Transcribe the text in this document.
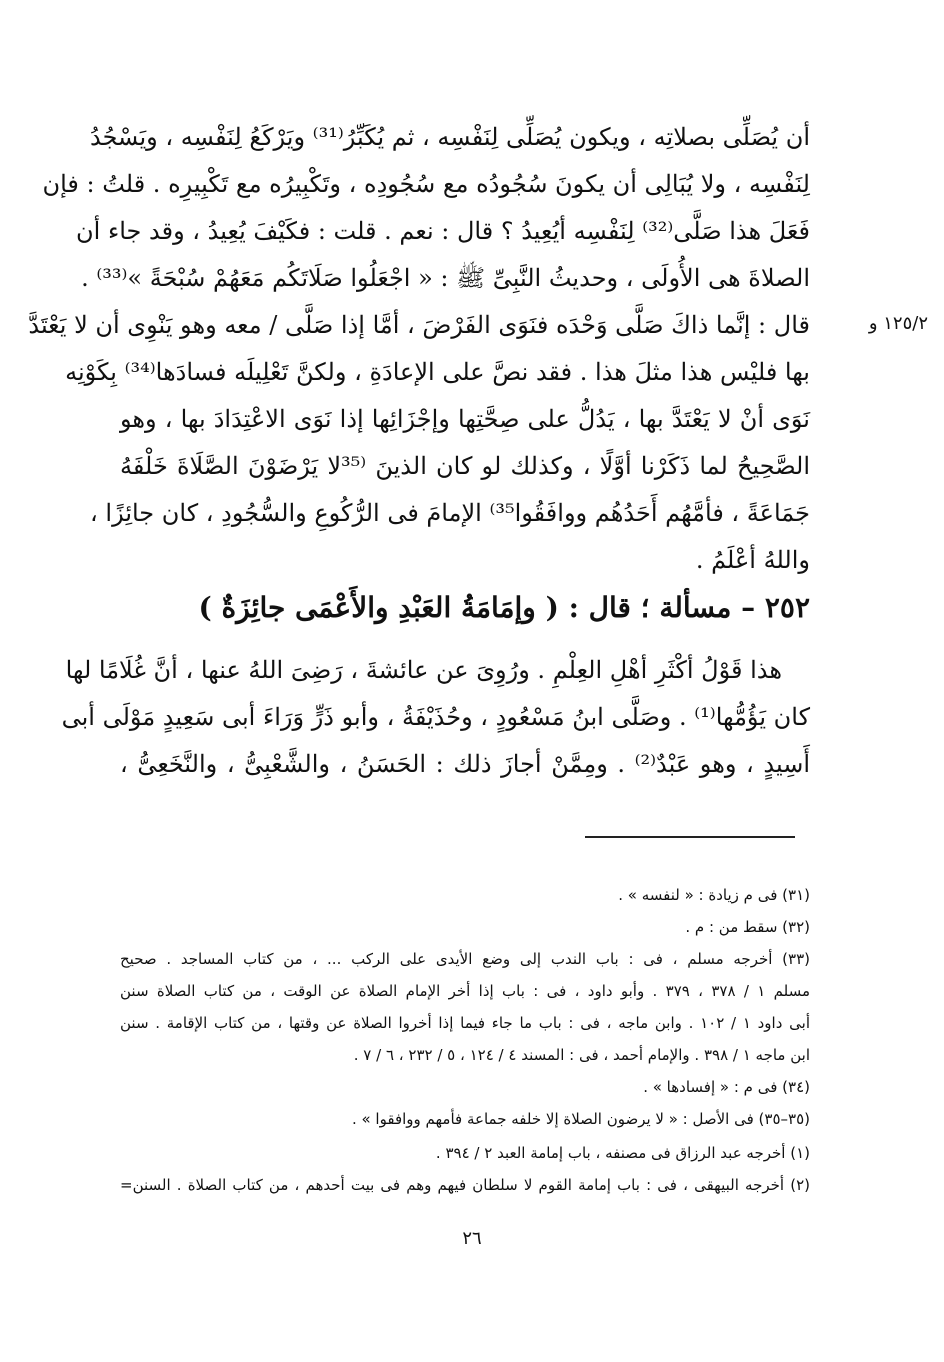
١٢٥/٢ و
أن يُصَلِّى بصلاتِه ، ويكون يُصَلِّى لِنَفْسِه ، ثم يُكَبِّرُ⁽³¹⁾ ويَرْكَعُ لِنَفْسِه ، ويَسْجُدُ
لِنَفْسِه ، ولا يُبَالِى أن يكونَ سُجُودُه مع سُجُودِه ، وتَكْبِيرُه مع تَكْبِيرِه . قلتُ : فإن
فَعَلَ هذا صَلَّى⁽³²⁾ لِنَفْسِه أيُعِيدُ ؟ قال : نعم . قلت : فكَيْفَ يُعِيدُ ، وقد جاء أن
الصلاةَ هى الأُولَى ، وحديثُ النَّبِىِّ ﷺ : « اجْعَلُوا صَلَاتَكُم مَعَهُمْ سُبْحَةً »⁽³³⁾ .
قال : إنَّما ذاكَ صَلَّى وَحْدَه فنَوَى الفَرْضَ ، أمَّا إذا صَلَّى / معه وهو يَنْوِى أن لا يَعْتَدَّ
بها فليْس هذا مثلَ هذا . فقد نصَّ على الإعادَةِ ، ولكنَّ تَعْلِيلَه فسادَها⁽³⁴⁾ بِكَوْنِه
نَوَى أنْ لا يَعْتَدَّ بها ، يَدُلُّ على صِحَّتِها وإجْزَائِها إذا نَوَى الاعْتِدَادَ بها ، وهو
الصَّحِيحُ لما ذَكَرْنا أوَّلًا ، وكذلك لو كان الذينَ ⁽³⁵لا يَرْضَوْنَ الصَّلَاةَ خَلْفَهُ
جَمَاعَةً ، فأمَّهُم أَحَدُهُم ووافَقُوا³⁵⁾ الإمامَ فى الرُّكُوعِ والسُّجُودِ ، كان جائِزًا ،
واللهُ أعْلَمُ .
٢٥٢ – مسألة ؛ قال : ( وإمَامَةُ العَبْدِ والأَعْمَى جائِزَةٌ )
هذا قَوْلُ أكْثَرِ أهْلِ العِلْمِ . ورُوِىَ عن عائشةَ ، رَضِىَ اللهُ عنها ، أنَّ غُلَامًا لها
كان يَؤُمُّها⁽¹⁾ . وصَلَّى ابنُ مَسْعُودٍ ، وحُذَيْفَةُ ، وأبو ذَرٍّ وَرَاءَ أبى سَعِيدٍ مَوْلَى أبى
أَسِيدٍ ، وهو عَبْدٌ⁽²⁾ . ومِمَّنْ أجازَ ذلك : الحَسَنُ ، والشَّعْبِىُّ ، والنَّخَعِىُّ ،
(٣١) فى م زيادة : « لنفسه » .
(٣٢) سقط من : م .
(٣٣) أخرجه مسلم ، فى : باب الندب إلى وضع الأيدى على الركب ... ، من كتاب المساجد . صحيح
مسلم ١ / ٣٧٨ ، ٣٧٩ . وأبو داود ، فى : باب إذا أخر الإمام الصلاة عن الوقت ، من كتاب الصلاة سنن
أبى داود ١ / ١٠٢ . وابن ماجه ، فى : باب ما جاء فيما إذا أخروا الصلاة عن وقتها ، من كتاب الإقامة . سنن
ابن ماجه ١ / ٣٩٨ . والإمام أحمد ، فى : المسند ٤ / ١٢٤ ، ٥ / ٢٣٢ ، ٦ / ٧ .
(٣٤) فى م : « إفسادها » .
(٣٥–٣٥) فى الأصل : « لا يرضون الصلاة إلا خلفه جماعة فأمهم ووافقوا » .
(١) أخرجه عبد الرزاق فى مصنفه ، باب إمامة العبد ٢ / ٣٩٤ .
(٢) أخرجه البيهقى ، فى : باب إمامة القوم لا سلطان فيهم وهم فى بيت أحدهم ، من كتاب الصلاة . السنن=
٢٦
